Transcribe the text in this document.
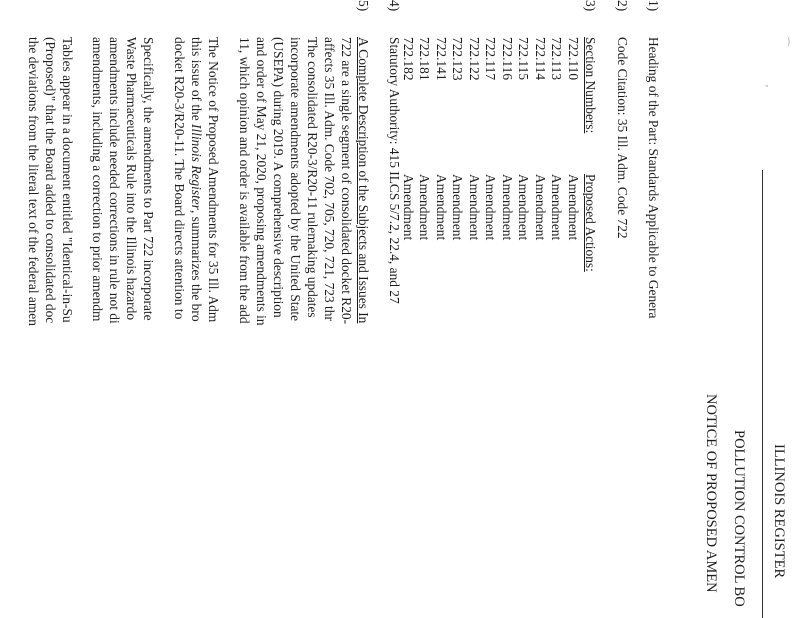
ILLINOIS REGISTER
POLLUTION CONTROL BO
NOTICE OF PROPOSED AMEN
1)
Heading of the Part: Standards Applicable to Genera
2)
Code Citation: 35 Ill. Adm. Code 722
3)
Section Numbers:
Proposed Actions:
722.110
Amendment
722.113
Amendment
722.114
Amendment
722.115
Amendment
722.116
Amendment
722.117
Amendment
722.122
Amendment
722.123
Amendment
722.141
Amendment
722.181
Amendment
722.182
Amendment
4)
Statutory Authority: 415 ILCS 5/7.2, 22.4, and 27
5)
A Complete Description of the Subjects and Issues In
722 are a single segment of consolidated docket R20-
affects 35 Ill. Adm. Code 702, 705, 720, 721, 723 thr
The consolidated R20-3/R20-11 rulemaking updates
incorporate amendments adopted by the United State
(USEPA) during 2019. A comprehensive description
and order of May 21, 2020, proposing amendments in
11, which opinion and order is available from the add
The Notice of Proposed Amendments for 35 Ill. Adm
this issue of the Illinois Register, summarizes the bro
docket R20-3/R20-11. The Board directs attention to
Specifically, the amendments to Part 722 incorporate
Waste Pharmaceuticals Rule into the Illinois hazardo
amendments include needed corrections in rule not di
amendments, including a correction to prior amendm
Tables appear in a document entitled "Identical-in-Su
(Proposed)" that the Board added to consolidated doc
the deviations from the literal text of the federal amen	⌒
ʼ
